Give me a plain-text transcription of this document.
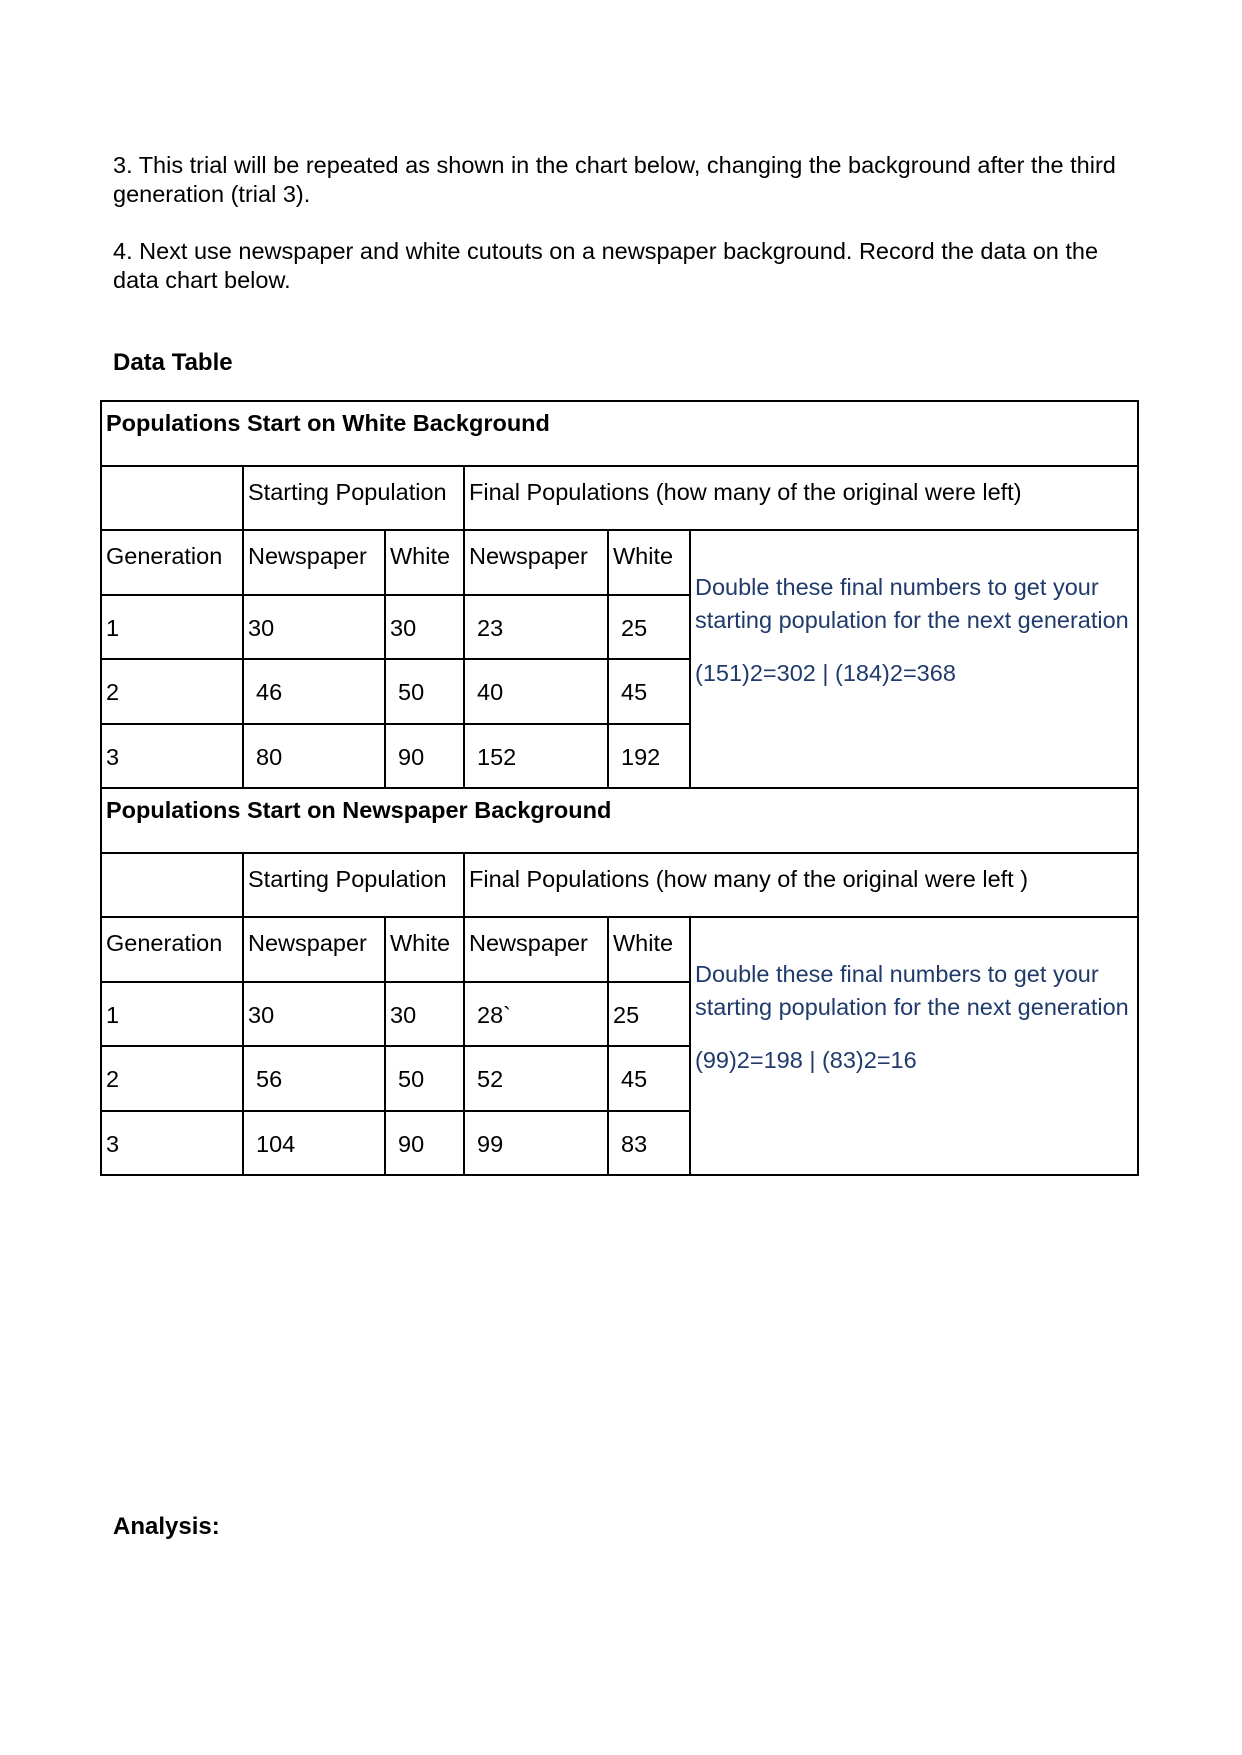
3. This trial will be repeated as shown in the chart below, changing the background after the third generation (trial 3).

4. Next use newspaper and white cutouts on a newspaper background. Record the data on the data chart below.

Data Table

Populations Start on White Background					
	Starting Population		Final Populations (how many of the original were left)		
Generation	Newspaper	White	Newspaper	White	Double these final numbers to get your starting population for the next generation
(151)2=302 | (184)2=368

1	30	30	23	25	
2	46	50	40	45	
3	80	90	152	192	
Populations Start on Newspaper Background					
	Starting Population		Final Populations (how many of the original were left )		
Generation	Newspaper	White	Newspaper	White	Double these final numbers to get your starting population for the next generation
(99)2=198 | (83)2=16

1	30	30	28`	25	
2	56	50	52	45	
3	104	90	99	83	

Analysis:
